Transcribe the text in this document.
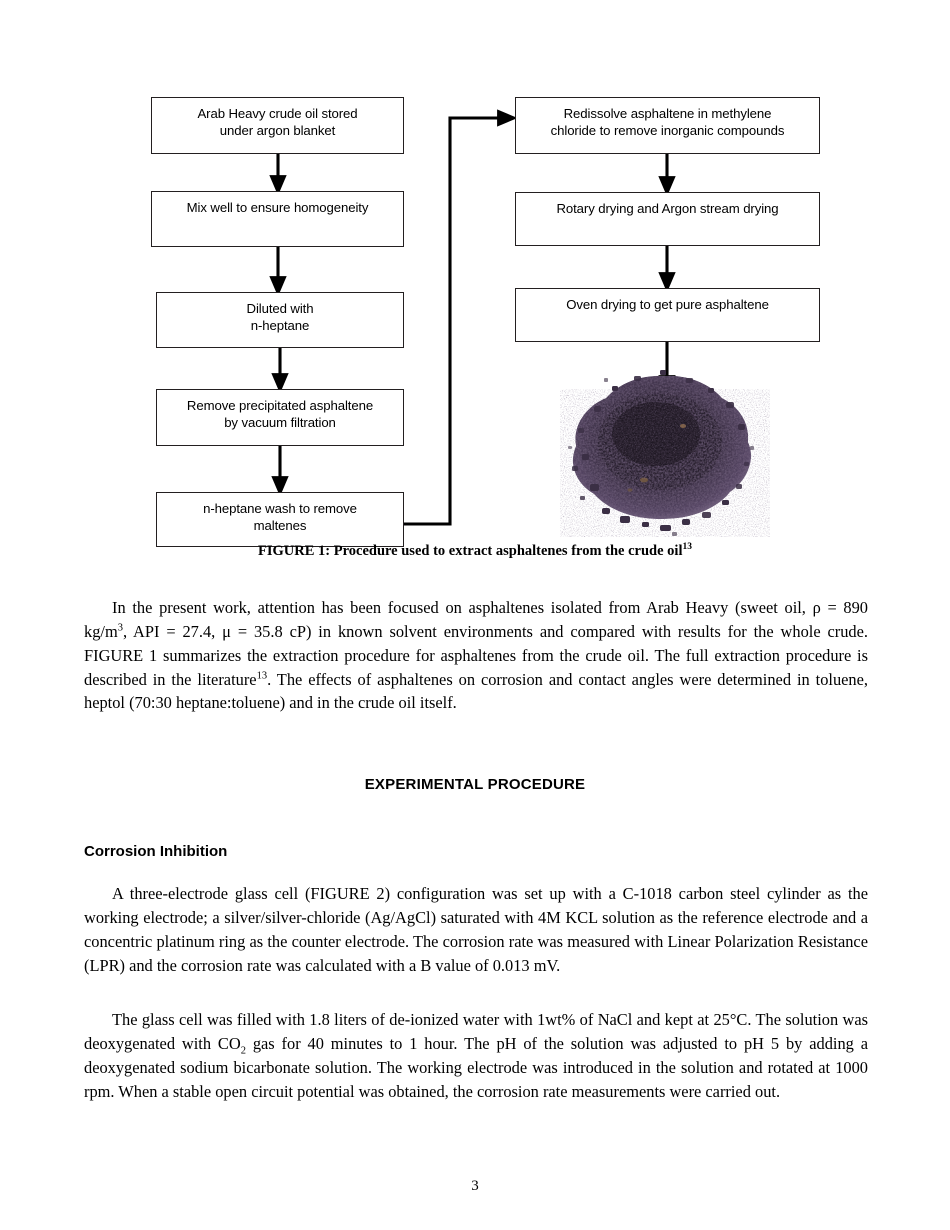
Arab Heavy crude oil stored
under argon blanket
Mix well to ensure homogeneity
Diluted with
n-heptane
Remove precipitated asphaltene
by vacuum filtration
n-heptane wash to remove
maltenes
Redissolve asphaltene in methylene
chloride to remove inorganic compounds
Rotary drying and Argon stream drying
Oven drying to get pure asphaltene
FIGURE 1: Procedure used to extract asphaltenes from the crude oil$^{13}$

In the present work, attention has been focused on asphaltenes isolated from Arab Heavy (sweet oil, ρ = 890 $kg/m^3$, API = 27.4, μ = 35.8 cP) in known solvent environments and compared with results for the whole crude. FIGURE 1 summarizes the extraction procedure for asphaltenes from the crude oil. The full extraction procedure is described in the literature$^{13}$. The effects of asphaltenes on corrosion and contact angles were determined in toluene, heptol (70:30 heptane:toluene) and in the crude oil itself.

EXPERIMENTAL PROCEDURE
Corrosion Inhibition

A three-electrode glass cell (FIGURE 2) configuration was set up with a C-1018 carbon steel cylinder as the working electrode; a silver/silver-chloride (Ag/AgCl) saturated with 4M KCL solution as the reference electrode and a concentric platinum ring as the counter electrode. The corrosion rate was measured with Linear Polarization Resistance (LPR) and the corrosion rate was calculated with a B value of 0.013 mV.

The glass cell was filled with 1.8 liters of de-ionized water with 1wt% of NaCl and kept at 25°C. The solution was deoxygenated with $CO_2$ gas for 40 minutes to 1 hour. The pH of the solution was adjusted to pH 5 by adding a deoxygenated sodium bicarbonate solution. The working electrode was introduced in the solution and rotated at 1000 rpm. When a stable open circuit potential was obtained, the corrosion rate measurements were carried out.

3
